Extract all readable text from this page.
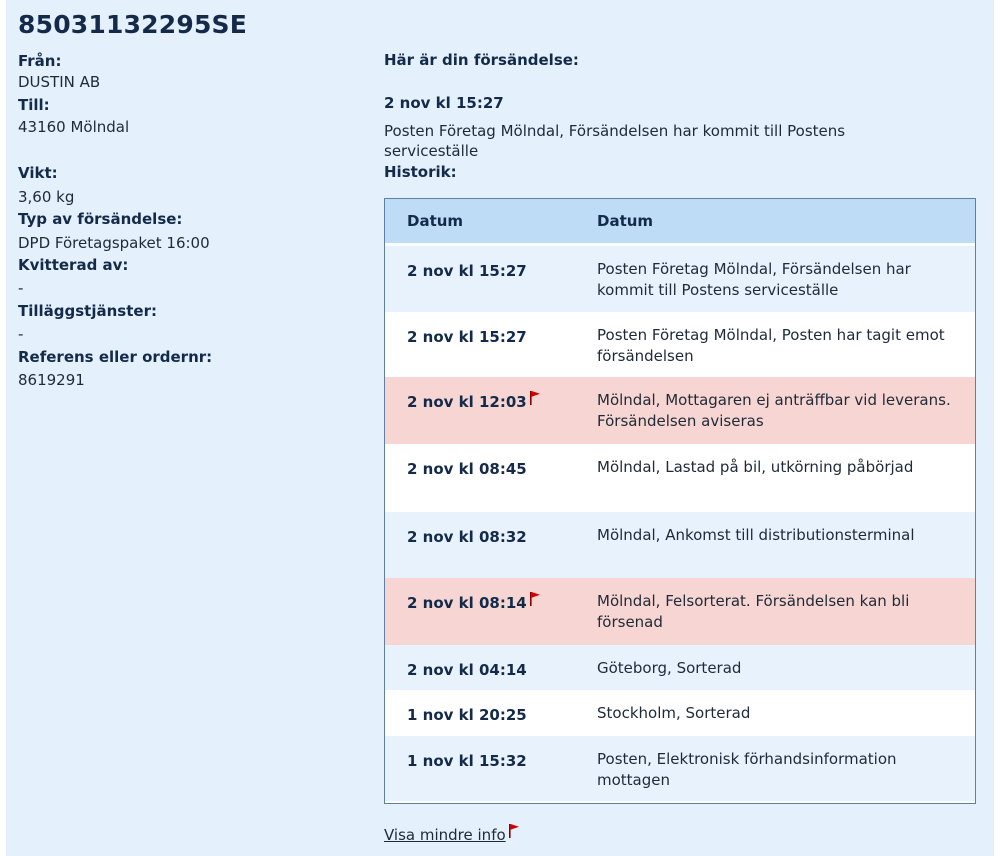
85031132295SE
Från:
DUSTIN AB
Till:
43160 Mölndal
Vikt:
3,60 kg
Typ av försändelse:
DPD Företagspaket 16:00
Kvitterad av:
-
Tilläggstjänster:
-
Referens eller ordernr:
8619291
Här är din försändelse:
2 nov kl 15:27
Posten Företag Mölndal, Försändelsen har kommit till Postens serviceställe
Historik:
Datum	Datum
2 nov kl 15:27	Posten Företag Mölndal, Försändelsen har kommit till Postens serviceställe
2 nov kl 15:27	Posten Företag Mölndal, Posten har tagit emot försändelsen
2 nov kl 12:03	Mölndal, Mottagaren ej anträffbar vid leverans. Försändelsen aviseras
2 nov kl 08:45	Mölndal, Lastad på bil, utkörning påbörjad
2 nov kl 08:32	Mölndal, Ankomst till distributionsterminal
2 nov kl 08:14	Mölndal, Felsorterat. Försändelsen kan bli försenad
2 nov kl 04:14	Göteborg, Sorterad
1 nov kl 20:25	Stockholm, Sorterad
1 nov kl 15:32	Posten, Elektronisk förhandsinformation mottagen
Visa mindre info
